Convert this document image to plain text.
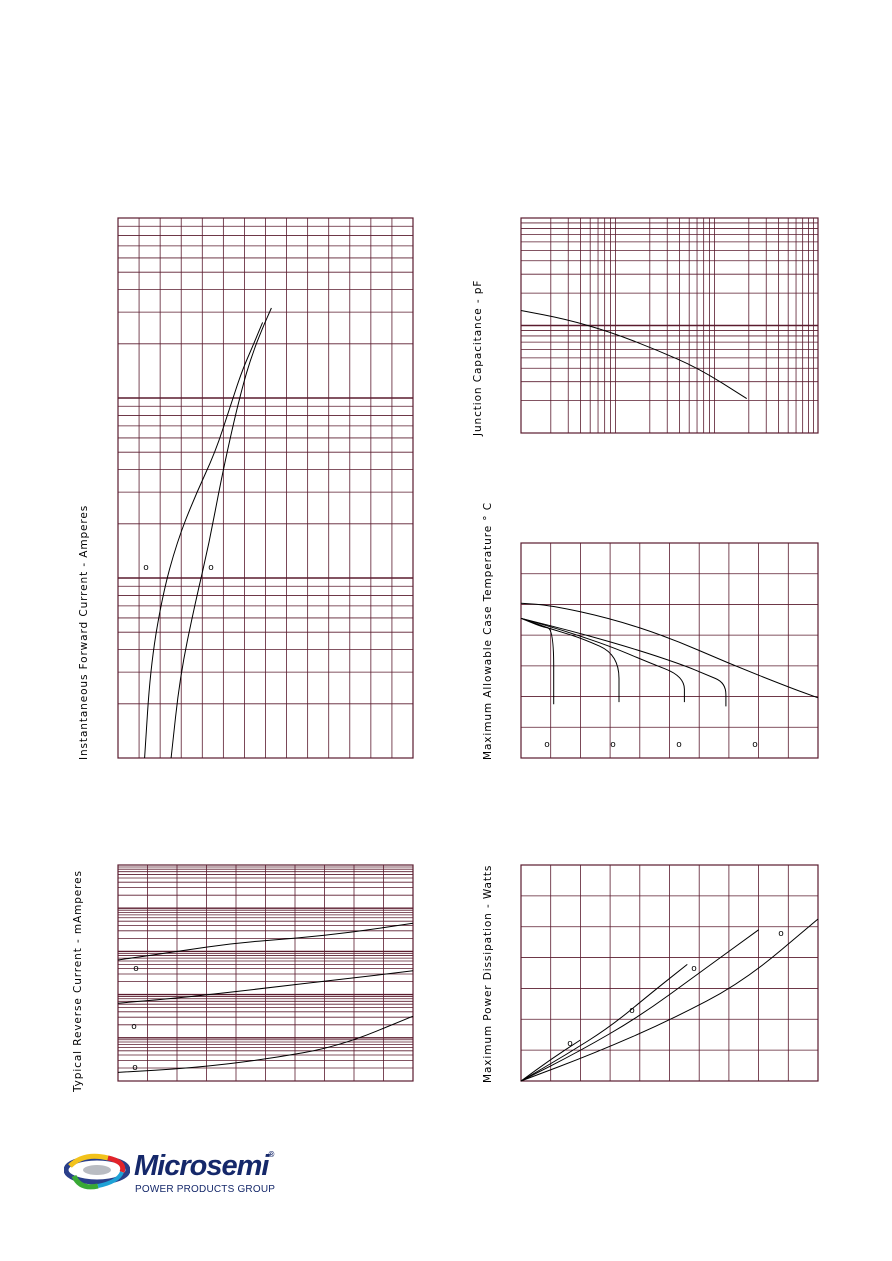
o	o
o	o	o	o
o
o
o
o
o
o
o
Instantaneous Forward Current - Amperes
Junction Capacitance - pF
Maximum Allowable Case Temperature ° C
Typical Reverse Current - mAmperes	Maximum Power Dissipation - Watts
Microsemi®
POWER PRODUCTS GROUP
